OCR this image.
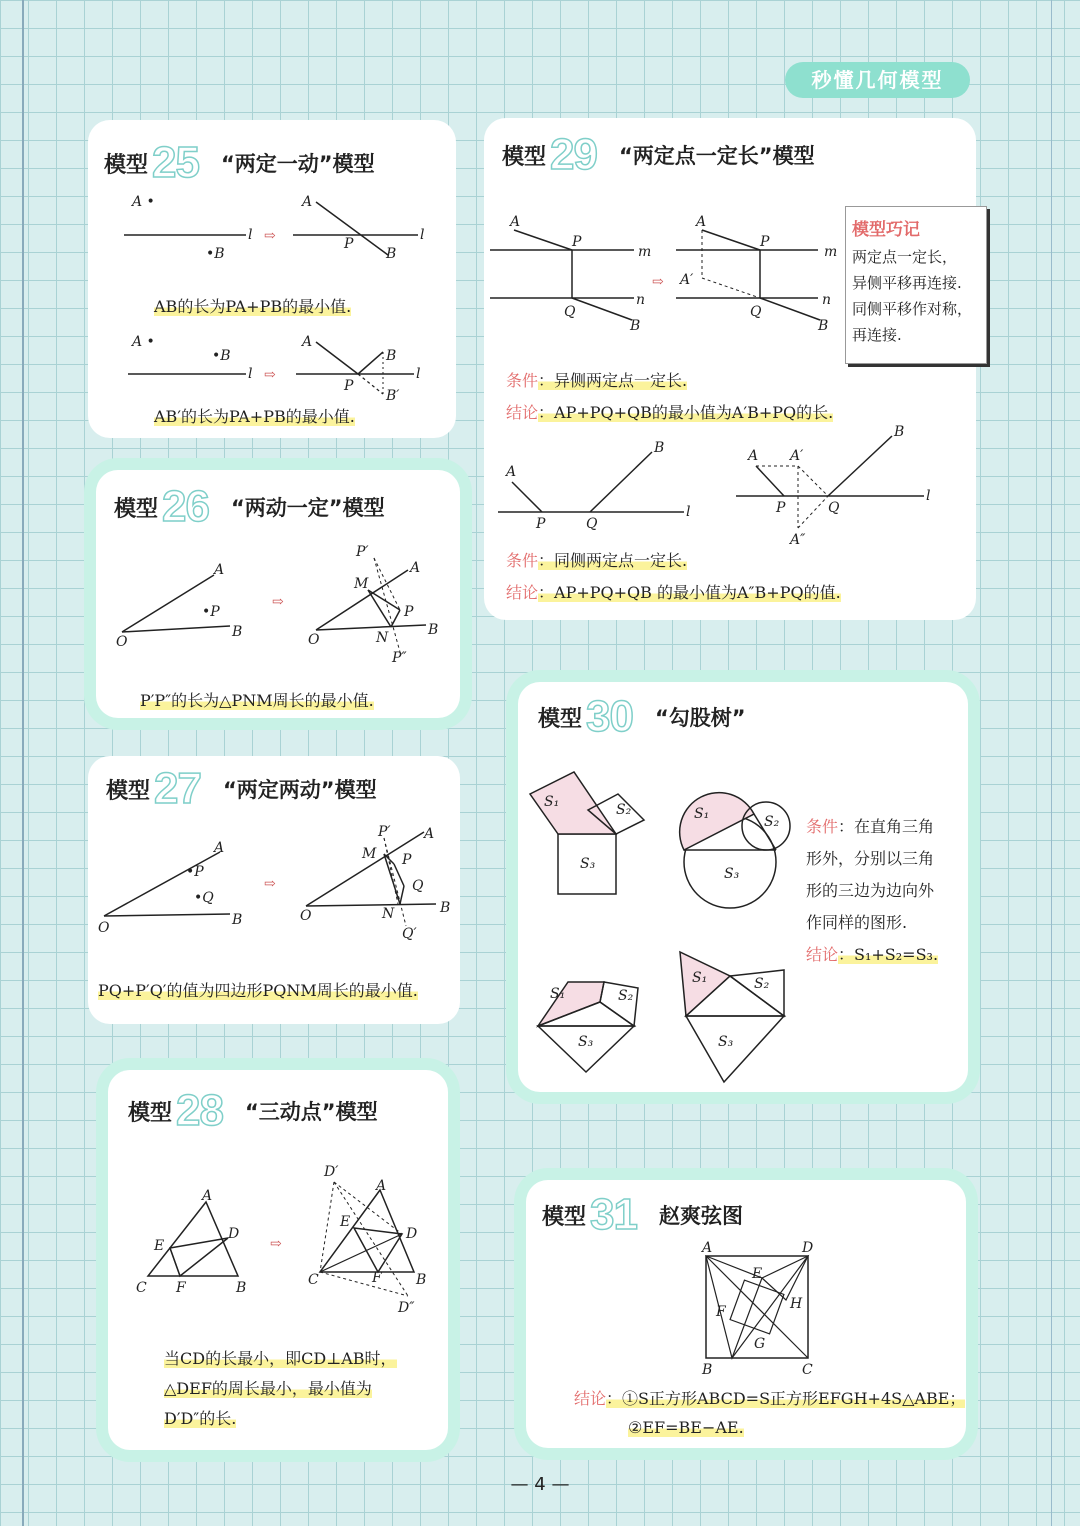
秒懂几何模型
模型 25 “两定一动”模型
A •
l
•B
⇨	l
A
P
B
A •
•B
l ⇨	l
A
P
B
B′
AB的长为PA+PB的最小值.
AB′的长为PA+PB的最小值.
模型 26 “两动一定”模型
A
O
B
•P
⇨
P′
A
M
P
O	N	B
P″
P′P″的长为△PNM周长的最小值.
模型 27 “两定两动”模型
A
O	B
•P
•Q
⇨
P′ A
M P
Q
O	N	B
Q′
PQ+P′Q′的值为四边形PQNM周长的最小值.
模型 28 “三动点”模型
A
E
D
C F	B
⇨
D′
A
E
D
C	F B
D″
当CD的长最小，即CD⊥AB时，
△DEF的周长最小，最小值为
D′D″的长.
模型 29 “两定点一定长”模型
A
P
m
Q
n
B
⇨
A
P
m
A′
Q
n
B
l
A
P	Q
B
l
A A′
B
P	Q
A″
条件：异侧两定点一定长.
结论：AP+PQ+QB的最小值为A′B+PQ的长.
条件：同侧两定点一定长.
结论：AP+PQ+QB 的最小值为A″B+PQ的值.
模型巧记
两定点一定长，
异侧平移再连接.
同侧平移作对称，
再连接.
模型 30 “勾股树”
S₁	S₂
S₃
S₁	S₂
S₃
S₁	S₂
S₃
S₁	S₂
S₃
条件：在直角三角
形外，分别以三角
形的三边为边向外
作同样的图形.
结论：S₁+S₂=S₃.
模型 31 赵爽弦图
A	D
E
H
F
G
B	C
结论：①S正方形ABCD=S正方形EFGH+4S△ABE；
②EF=BE−AE.
— 4 —
